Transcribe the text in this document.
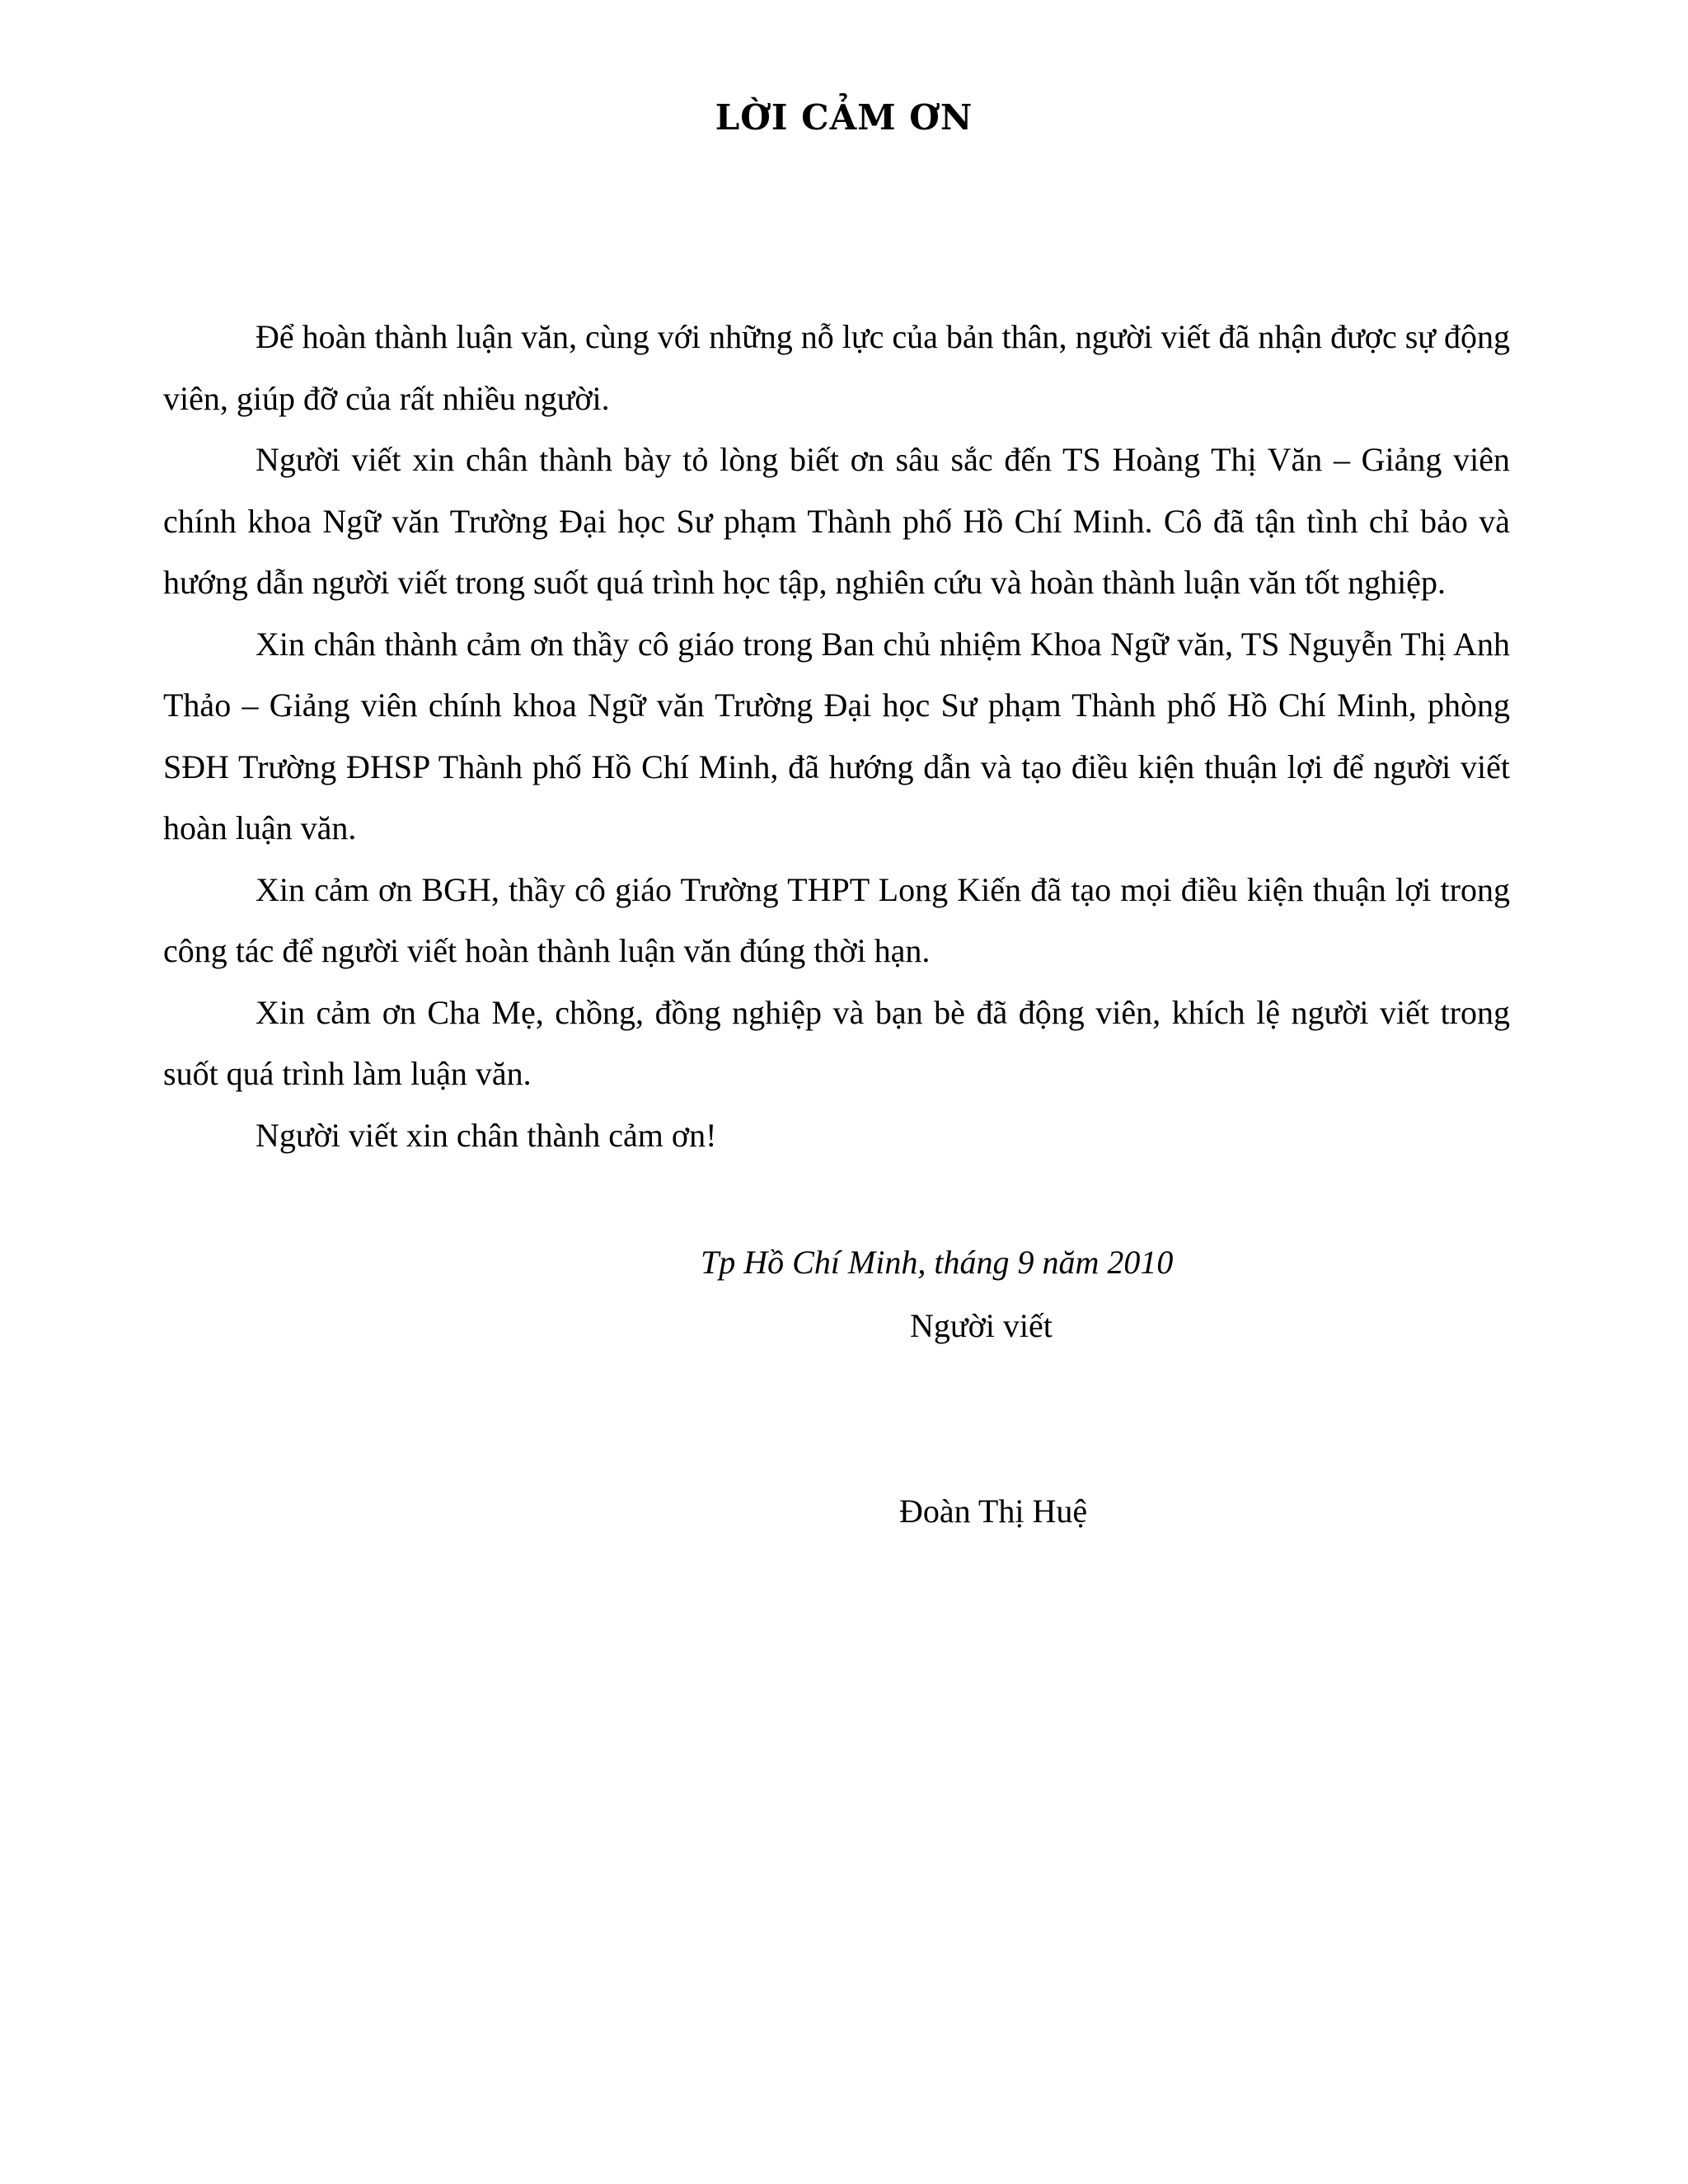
LỜI CẢM ƠN

Để hoàn thành luận văn, cùng với những nỗ lực của bản thân, người viết đã nhận được sự động viên, giúp đỡ của rất nhiều người.

Người viết xin chân thành bày tỏ lòng biết ơn sâu sắc đến TS Hoàng Thị Văn – Giảng viên chính khoa Ngữ văn Trường Đại học Sư phạm Thành phố Hồ Chí Minh. Cô đã tận tình chỉ bảo và hướng dẫn người viết trong suốt quá trình học tập, nghiên cứu và hoàn thành luận văn tốt nghiệp.

Xin chân thành cảm ơn thầy cô giáo trong Ban chủ nhiệm Khoa Ngữ văn, TS Nguyễn Thị Anh Thảo – Giảng viên chính khoa Ngữ văn Trường Đại học Sư phạm Thành phố Hồ Chí Minh, phòng SĐH Trường ĐHSP Thành phố Hồ Chí Minh, đã hướng dẫn và tạo điều kiện thuận lợi để người viết hoàn luận văn.

Xin cảm ơn BGH, thầy cô giáo Trường THPT Long Kiến đã tạo mọi điều kiện thuận lợi trong công tác để người viết hoàn thành luận văn đúng thời hạn.

Xin cảm ơn Cha Mẹ, chồng, đồng nghiệp và bạn bè đã động viên, khích lệ người viết trong suốt quá trình làm luận văn.

Người viết xin chân thành cảm ơn!

Tp Hồ Chí Minh, tháng 9 năm 2010
Người viết
Đoàn Thị Huệ
